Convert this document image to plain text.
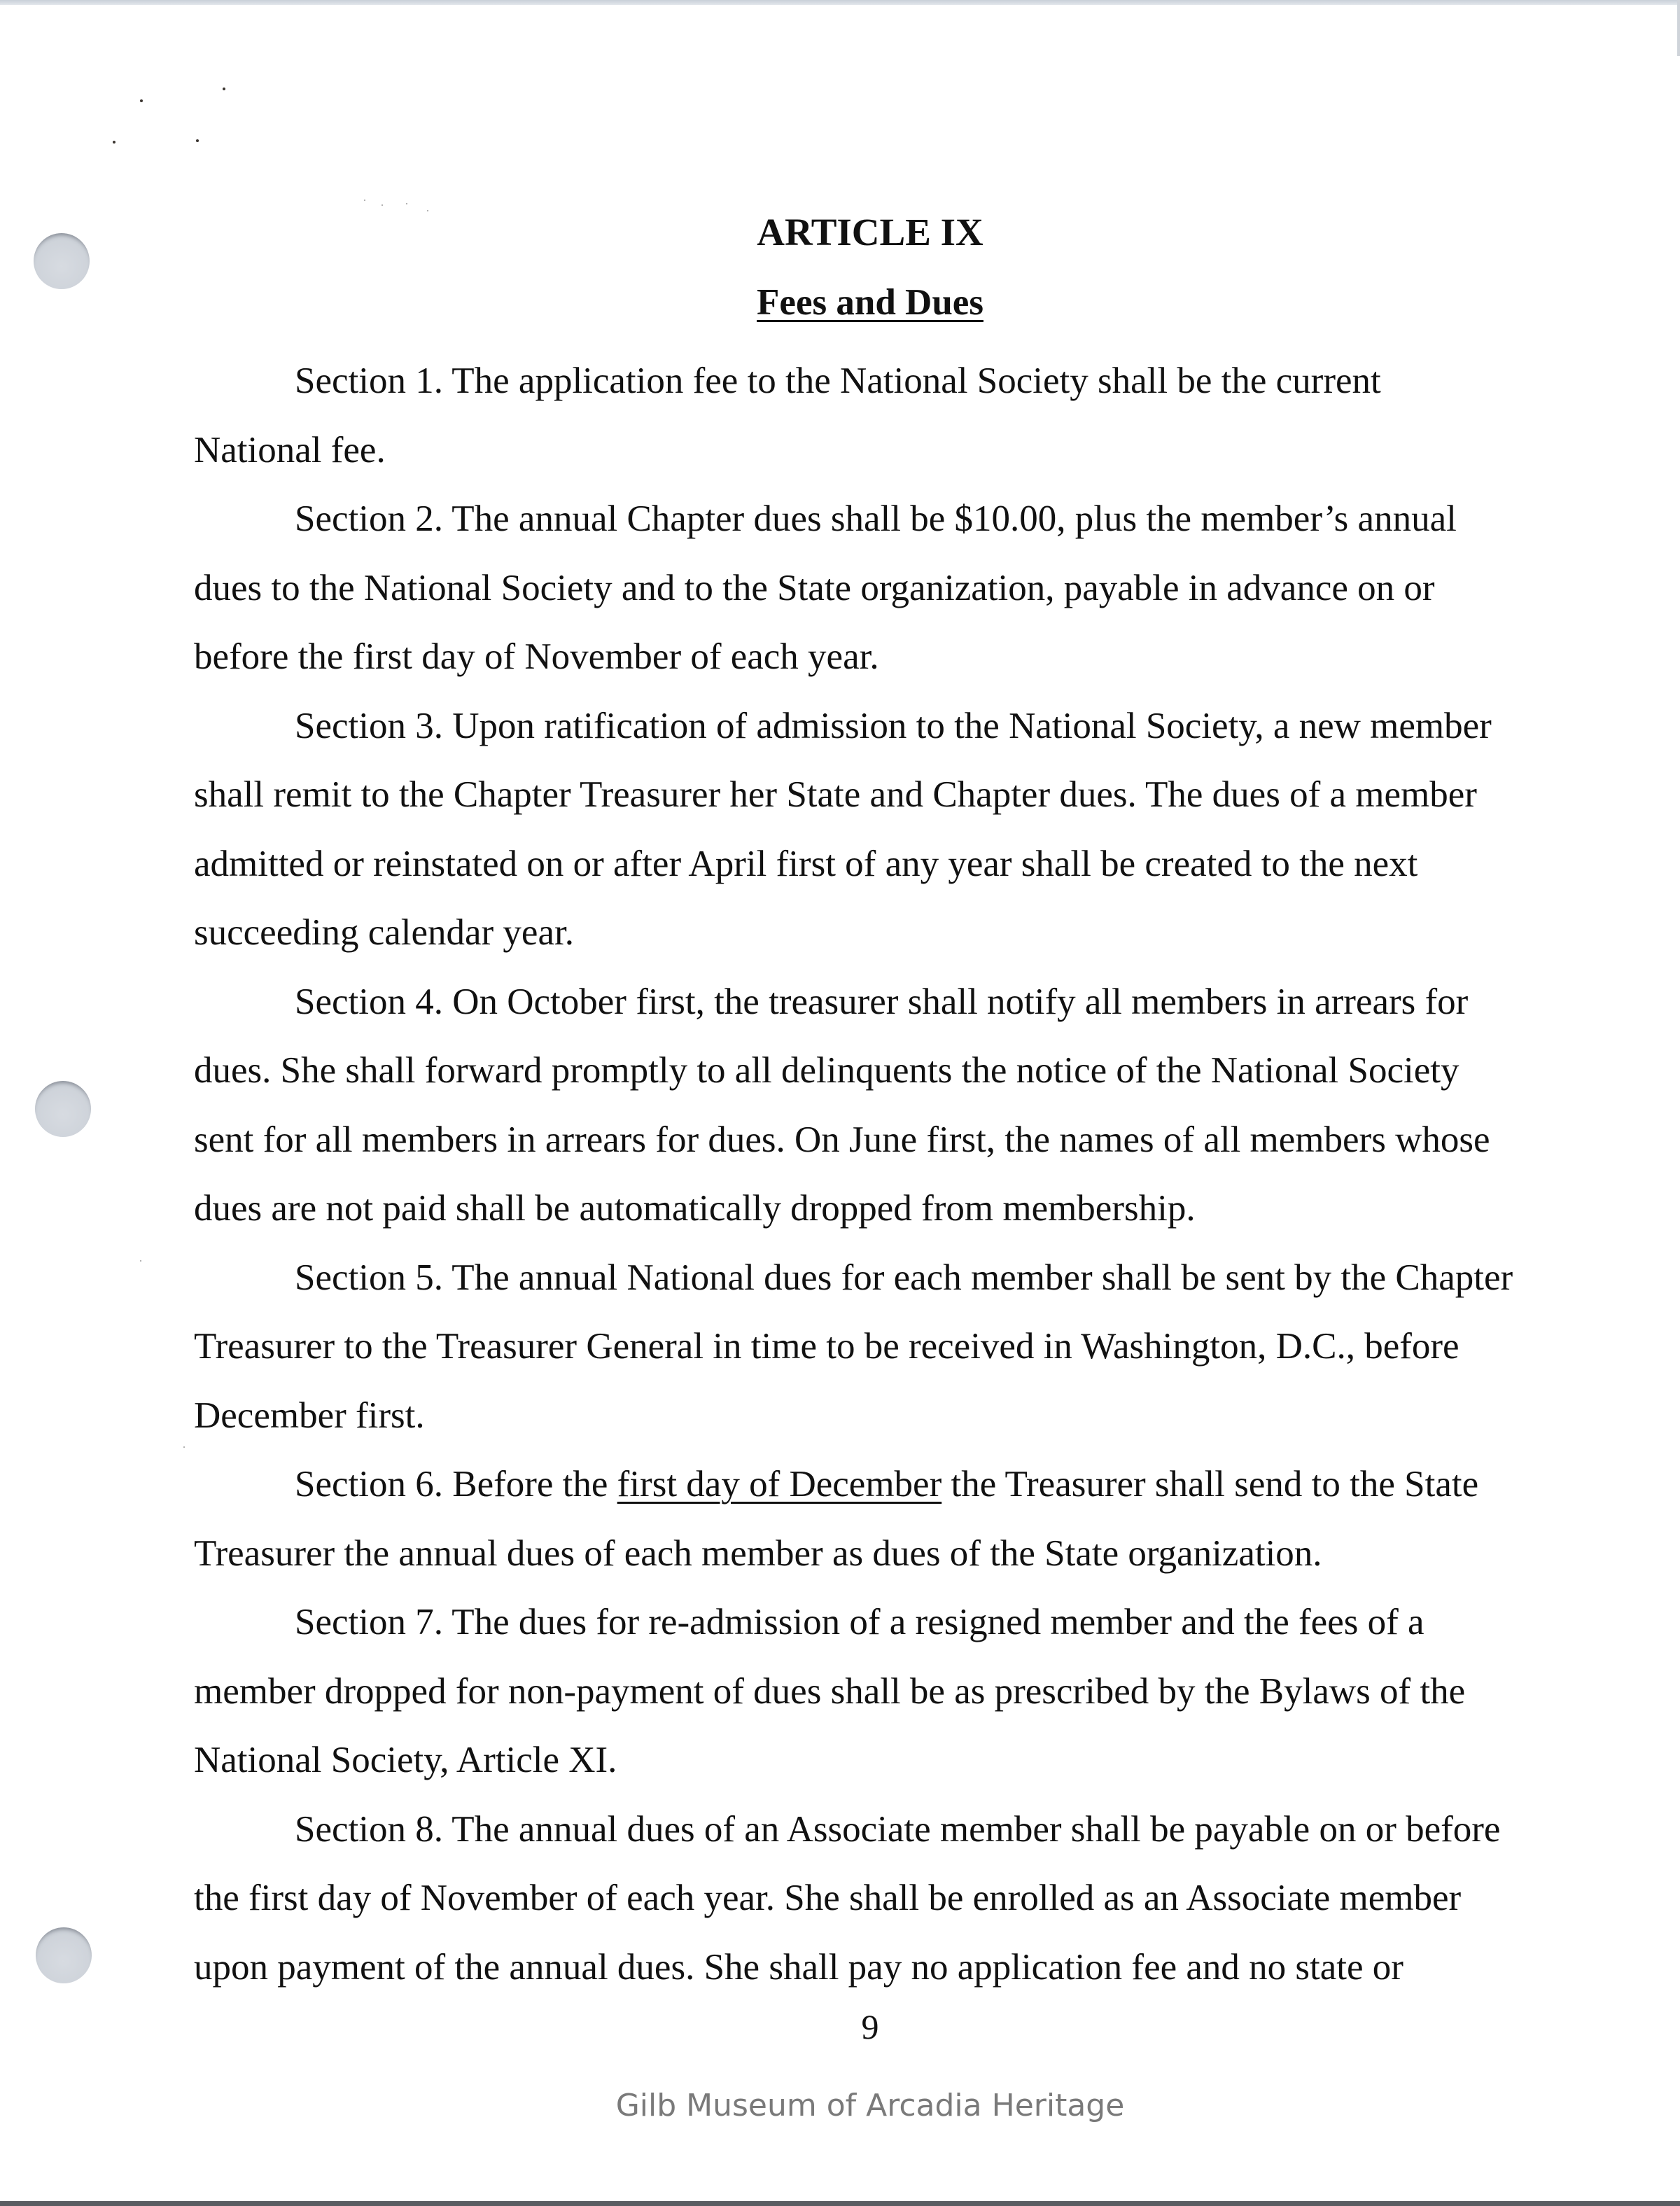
ARTICLE IX
Fees and Dues
Section 1. The application fee to the National Society shall be the current
National fee.
Section 2. The annual Chapter dues shall be $10.00, plus the member’s annual
dues to the National Society and to the State organization, payable in advance on or
before the first day of November of each year.
Section 3. Upon ratification of admission to the National Society, a new member
shall remit to the Chapter Treasurer her State and Chapter dues. The dues of a member
admitted or reinstated on or after April first of any year shall be created to the next
succeeding calendar year.
Section 4. On October first, the treasurer shall notify all members in arrears for
dues. She shall forward promptly to all delinquents the notice of the National Society
sent for all members in arrears for dues. On June first, the names of all members whose
dues are not paid shall be automatically dropped from membership.
Section 5. The annual National dues for each member shall be sent by the Chapter
Treasurer to the Treasurer General in time to be received in Washington, D.C., before
December first.
Section 6. Before the first day of December the Treasurer shall send to the State
Treasurer the annual dues of each member as dues of the State organization.
Section 7. The dues for re-admission of a resigned member and the fees of a
member dropped for non-payment of dues shall be as prescribed by the Bylaws of the
National Society, Article XI.
Section 8. The annual dues of an Associate member shall be payable on or before
the first day of November of each year. She shall be enrolled as an Associate member
upon payment of the annual dues. She shall pay no application fee and no state or
9
Gilb Museum of Arcadia Heritage
